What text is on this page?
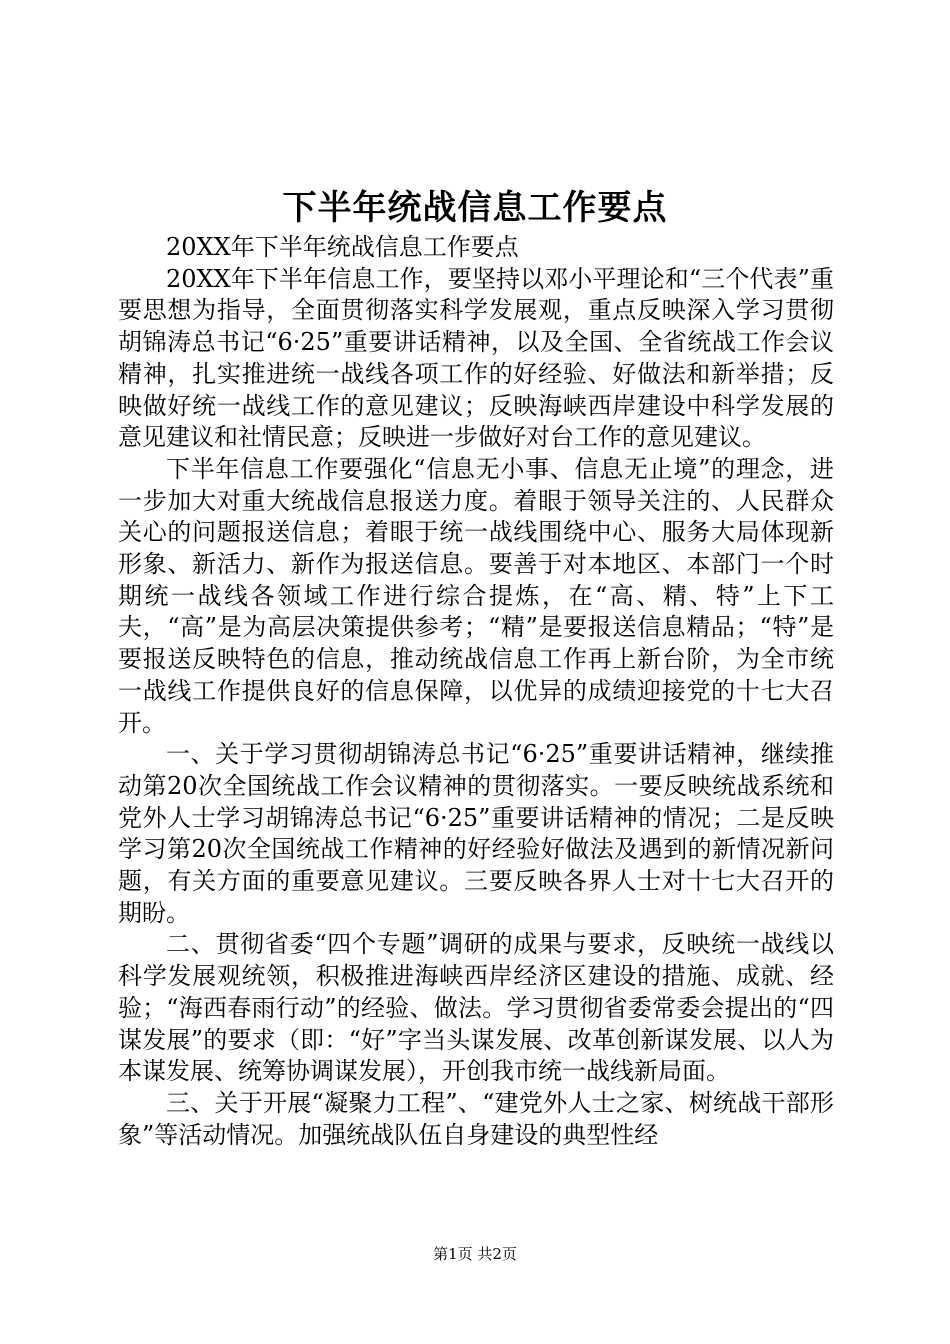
下半年统战信息工作要点

20XX年下半年统战信息工作要点

20XX年下半年信息工作，要坚持以邓小平理论和“三个代表”重要思想为指导，全面贯彻落实科学发展观，重点反映深入学习贯彻胡锦涛总书记“6·25”重要讲话精神，以及全国、全省统战工作会议精神，扎实推进统一战线各项工作的好经验、好做法和新举措；反映做好统一战线工作的意见建议；反映海峡西岸建设中科学发展的意见建议和社情民意；反映进一步做好对台工作的意见建议。

下半年信息工作要强化“信息无小事、信息无止境”的理念，进一步加大对重大统战信息报送力度。着眼于领导关注的、人民群众关心的问题报送信息；着眼于统一战线围绕中心、服务大局体现新形象、新活力、新作为报送信息。要善于对本地区、本部门一个时期统一战线各领域工作进行综合提炼，在“高、精、特”上下工夫，“高”是为高层决策提供参考；“精”是要报送信息精品；“特”是要报送反映特色的信息，推动统战信息工作再上新台阶，为全市统一战线工作提供良好的信息保障，以优异的成绩迎接党的十七大召开。

一、关于学习贯彻胡锦涛总书记“6·25”重要讲话精神，继续推动第20次全国统战工作会议精神的贯彻落实。一要反映统战系统和党外人士学习胡锦涛总书记“6·25”重要讲话精神的情况；二是反映学习第20次全国统战工作精神的好经验好做法及遇到的新情况新问题，有关方面的重要意见建议。三要反映各界人士对十七大召开的期盼。

二、贯彻省委“四个专题”调研的成果与要求，反映统一战线以科学发展观统领，积极推进海峡西岸经济区建设的措施、成就、经验；“海西春雨行动”的经验、做法。学习贯彻省委常委会提出的“四谋发展”的要求（即：“好”字当头谋发展、改革创新谋发展、以人为本谋发展、统筹协调谋发展），开创我市统一战线新局面。

三、关于开展“凝聚力工程”、“建党外人士之家、树统战干部形象”等活动情况。加强统战队伍自身建设的典型性经

第1页 共2页
